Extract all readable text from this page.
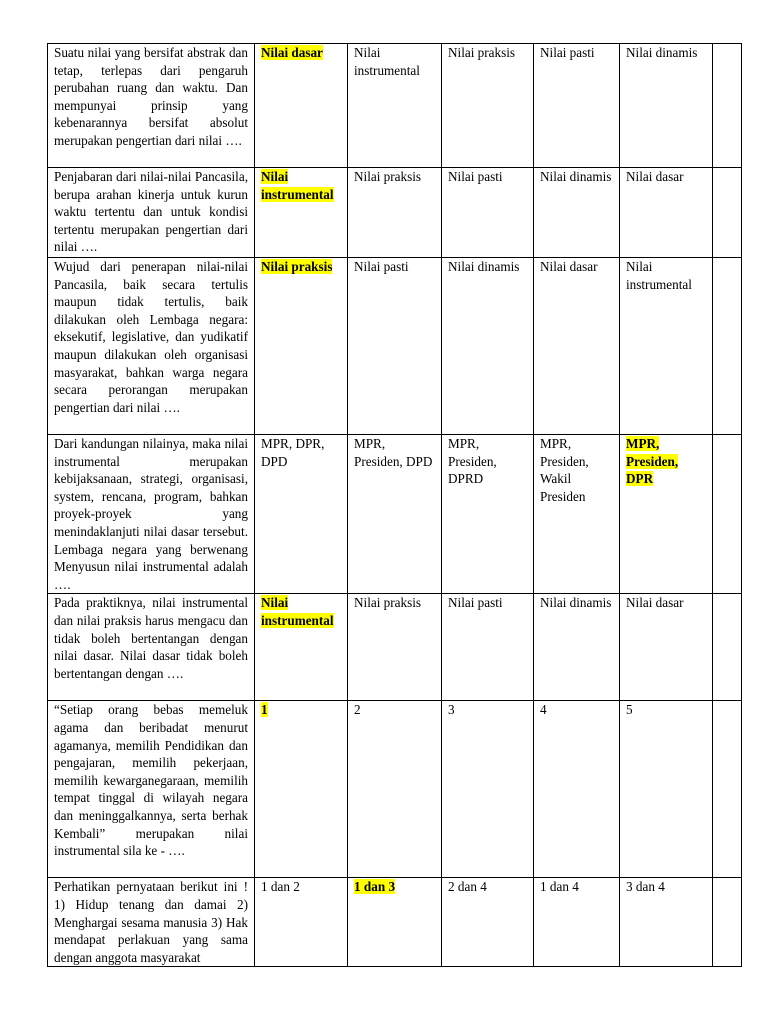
Suatu nilai yang bersifat abstrak dan tetap, terlepas dari pengaruh perubahan ruang dan waktu. Dan mempunyai prinsip yang kebenarannya bersifat absolut merupakan pengertian dari nilai ….	Nilai dasar	Nilai instrumental	Nilai praksis	Nilai pasti	Nilai dinamis	
Penjabaran dari nilai-nilai Pancasila, berupa arahan kinerja untuk kurun waktu tertentu dan untuk kondisi tertentu merupakan pengertian dari nilai ….	Nilai instrumental	Nilai praksis	Nilai pasti	Nilai dinamis	Nilai dasar	
Wujud dari penerapan nilai-nilai Pancasila, baik secara tertulis maupun tidak tertulis, baik dilakukan oleh Lembaga negara: eksekutif, legislative, dan yudikatif maupun dilakukan oleh organisasi masyarakat, bahkan warga negara secara perorangan merupakan pengertian dari nilai ….	Nilai praksis	Nilai pasti	Nilai dinamis	Nilai dasar	Nilai instrumental	
Dari kandungan nilainya, maka nilai instrumental merupakan kebijaksanaan, strategi, organisasi, system, rencana, program, bahkan proyek-proyek yang menindaklanjuti nilai dasar tersebut. Lembaga negara yang berwenang Menyusun nilai instrumental adalah ….	MPR, DPR, DPD	MPR, Presiden, DPD	MPR, Presiden, DPRD	MPR, Presiden, Wakil Presiden	MPR, Presiden, DPR	
Pada praktiknya, nilai instrumental dan nilai praksis harus mengacu dan tidak boleh bertentangan dengan nilai dasar. Nilai dasar tidak boleh bertentangan dengan ….	Nilai instrumental	Nilai praksis	Nilai pasti	Nilai dinamis	Nilai dasar	
“Setiap orang bebas memeluk agama dan beribadat menurut agamanya, memilih Pendidikan dan pengajaran, memilih pekerjaan, memilih kewarganegaraan, memilih tempat tinggal di wilayah negara dan meninggalkannya, serta berhak Kembali” merupakan nilai instrumental sila ke - ….	1	2	3	4	5	
Perhatikan pernyataan berikut ini ! 1) Hidup tenang dan damai 2) Menghargai sesama manusia 3) Hak mendapat perlakuan yang sama dengan anggota masyarakat	1 dan 2	1 dan 3	2 dan 4	1 dan 4	3 dan 4	
